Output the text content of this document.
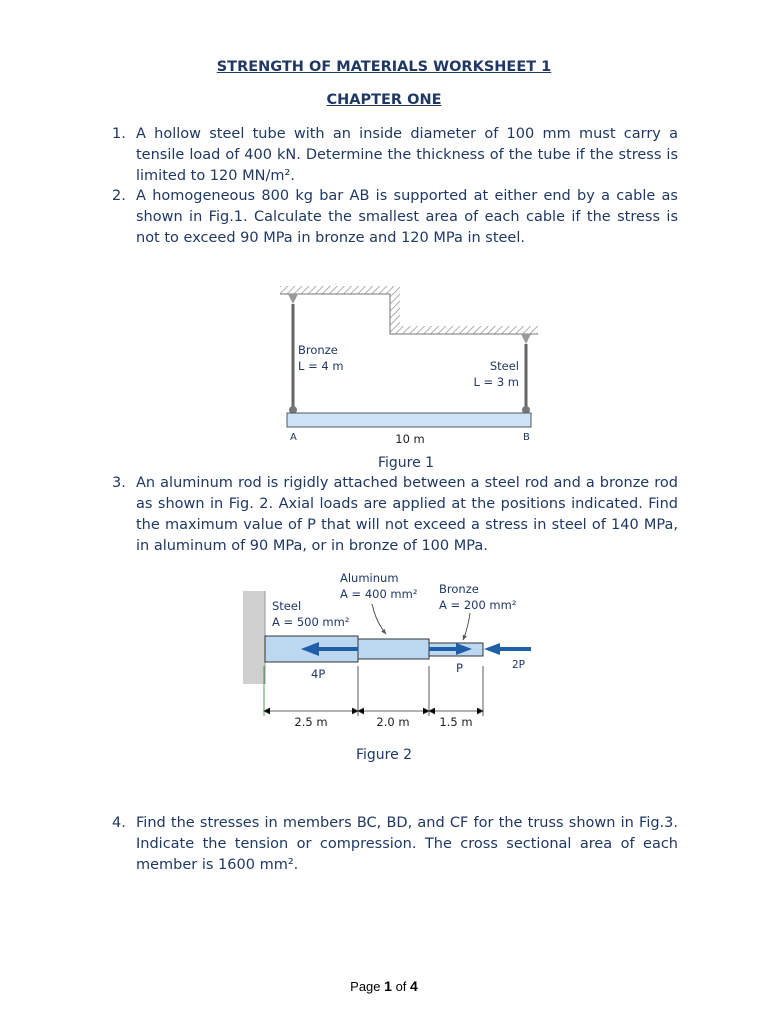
STRENGTH OF MATERIALS WORKSHEET 1
CHAPTER ONE
1. A hollow steel tube with an inside diameter of 100 mm must carry a tensile load of 400 kN. Determine the thickness of the tube if the stress is limited to 120 MN/m².
2. A homogeneous 800 kg bar AB is supported at either end by a cable as shown in Fig.1. Calculate the smallest area of each cable if the stress is not to exceed 90 MPa in bronze and 120 MPa in steel.
Bronze
L = 4 m	Steel
L = 3 m
A	B
10 m
Figure 1
3. An aluminum rod is rigidly attached between a steel rod and a bronze rod as shown in Fig. 2. Axial loads are applied at the positions indicated. Find the maximum value of P that will not exceed a stress in steel of 140 MPa, in aluminum of 90 MPa, or in bronze of 100 MPa.
Steel
A = 500 mm²
Aluminum
A = 400 mm² Bronze
A = 200 mm²
4P	P	2P
2.5 m	2.0 m	1.5 m
Figure 2
4. Find the stresses in members BC, BD, and CF for the truss shown in Fig.3. Indicate the tension or compression. The cross sectional area of each member is 1600 mm².
Page 1 of 4
